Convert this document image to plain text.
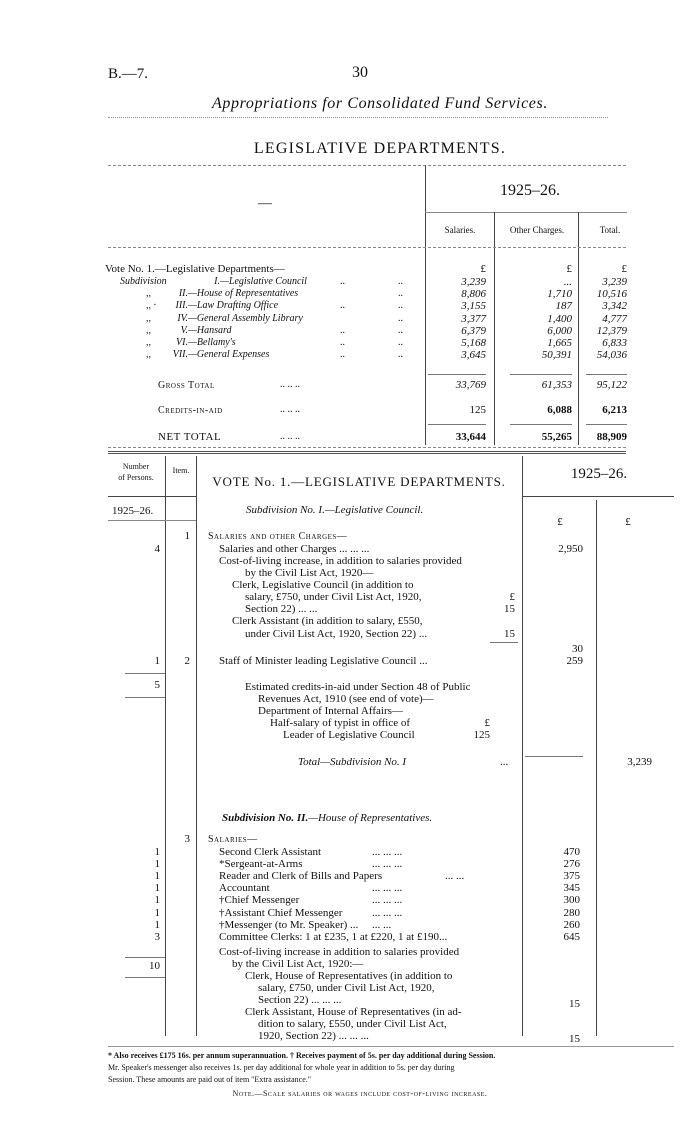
B.—7.	30
Appropriations for Consolidated Fund Services.
LEGISLATIVE DEPARTMENTS.
—
1925–26.
Salaries.	Other Charges.	Total.
Vote No. 1.—Legislative Departments—	£	£	£
Subdivision	I. —Legislative Council	..	..	3,239	...	3,239
,,	II. —House of Representatives	..	8,806	1,710	10,516
,, ·	III. —Law Drafting Office	..	..	3,155	187	3,342
,,	IV. —General Assembly Library	..	3,377	1,400	4,777
,,	V. —Hansard	..	..	6,379	6,000	12,379
,,	VI. —Bellamy's	..	..	5,168	1,665	6,833
,,	VII. —General Expenses	..	..	3,645	50,391	54,036
Gross Total	.. .. ..	33,769	61,353	95,122
Credits-in-aid	.. .. ..	125	6,088	6,213
NET TOTAL	.. .. ..	33,644	55,265	88,909
Number
of Persons.
Item.
VOTE No. 1.—LEGISLATIVE DEPARTMENTS.	1925–26.
1925–26.	Subdivision No. I.—Legislative Council.
£	£
1 Salaries and other Charges—
4	Salaries and other Charges ... ... ...	2,950
Cost-of-living increase, in addition to salaries provided
by the Civil List Act, 1920—
Clerk, Legislative Council (in addition to
salary, £750, under Civil List Act, 1920,	£
Section 22) ... ...	15
Clerk Assistant (in addition to salary, £550,
under Civil List Act, 1920, Section 22) ...	15
30
1	2	Staff of Minister leading Legislative Council ...	259
5	Estimated credits-in-aid under Section 48 of Public
Revenues Act, 1910 (see end of vote)—
Department of Internal Affairs—
Half-salary of typist in office of	£
Leader of Legislative Council	125
Total—Subdivision No. I	...	3,239
Subdivision No. II.—House of Representatives.
3 Salaries—
1	Second Clerk Assistant	... ... ...	470
1	*Sergeant-at-Arms	... ... ...	276
1	Reader and Clerk of Bills and Papers	... ...	375
1	Accountant	... ... ...	345
1	†Chief Messenger	... ... ...	300
1	†Assistant Chief Messenger	... ... ...	280
1	†Messenger (to Mr. Speaker) ... ... ...	260
3	Committee Clerks: 1 at £235, 1 at £220, 1 at £190...	645
10
Cost-of-living increase in addition to salaries provided
by the Civil List Act, 1920:—
Clerk, House of Representatives (in addition to
salary, £750, under Civil List Act, 1920,
Section 22) ... ... ...	15
Clerk Assistant, House of Representatives (in ad-
dition to salary, £550, under Civil List Act,
1920, Section 22) ... ... ...	15
* Also receives £175 16s. per annum superannuation. † Receives payment of 5s. per day additional during Session.
Mr. Speaker's messenger also receives 1s. per day additional for whole year in addition to 5s. per day during
Session. These amounts are paid out of item "Extra assistance."
Note.—Scale salaries or wages include cost-of-living increase.
